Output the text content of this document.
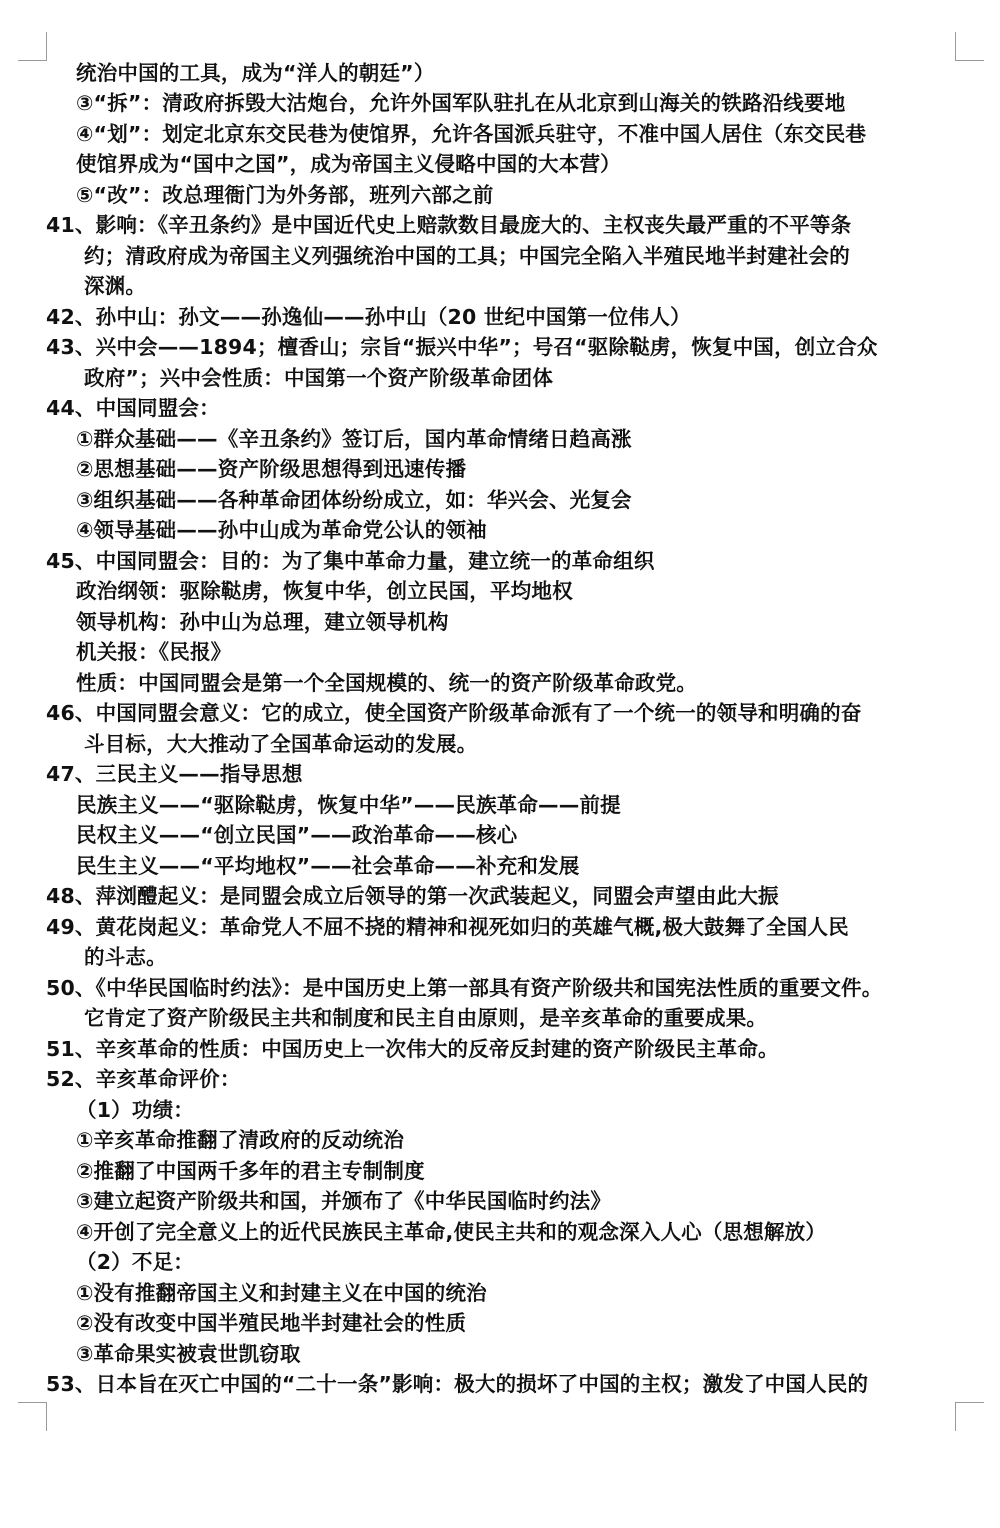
统治中国的工具，成为“洋人的朝廷”）
③“拆”：清政府拆毁大沽炮台，允许外国军队驻扎在从北京到山海关的铁路沿线要地
④“划”：划定北京东交民巷为使馆界，允许各国派兵驻守，不准中国人居住（东交民巷
使馆界成为“国中之国”，成为帝国主义侵略中国的大本营）
⑤“改”：改总理衙门为外务部，班列六部之前
41、影响：《辛丑条约》是中国近代史上赔款数目最庞大的、主权丧失最严重的不平等条
约；清政府成为帝国主义列强统治中国的工具；中国完全陷入半殖民地半封建社会的
深渊。
42、孙中山：孙文——孙逸仙——孙中山（20 世纪中国第一位伟人）
43、兴中会——1894；檀香山；宗旨“振兴中华”；号召“驱除鞑虏，恢复中国，创立合众
政府”；兴中会性质：中国第一个资产阶级革命团体
44、中国同盟会：
①群众基础——《辛丑条约》签订后，国内革命情绪日趋高涨
②思想基础——资产阶级思想得到迅速传播
③组织基础——各种革命团体纷纷成立，如：华兴会、光复会
④领导基础——孙中山成为革命党公认的领袖
45、中国同盟会：目的：为了集中革命力量，建立统一的革命组织
政治纲领：驱除鞑虏，恢复中华，创立民国，平均地权
领导机构：孙中山为总理，建立领导机构
机关报：《民报》
性质：中国同盟会是第一个全国规模的、统一的资产阶级革命政党。
46、中国同盟会意义：它的成立，使全国资产阶级革命派有了一个统一的领导和明确的奋
斗目标，大大推动了全国革命运动的发展。
47、三民主义——指导思想
民族主义——“驱除鞑虏，恢复中华”——民族革命——前提
民权主义——“创立民国”——政治革命——核心
民生主义——“平均地权”——社会革命——补充和发展
48、萍浏醴起义：是同盟会成立后领导的第一次武装起义，同盟会声望由此大振
49、黄花岗起义：革命党人不屈不挠的精神和视死如归的英雄气概,极大鼓舞了全国人民
的斗志。
50、《中华民国临时约法》：是中国历史上第一部具有资产阶级共和国宪法性质的重要文件。
它肯定了资产阶级民主共和制度和民主自由原则，是辛亥革命的重要成果。
51、辛亥革命的性质：中国历史上一次伟大的反帝反封建的资产阶级民主革命。
52、辛亥革命评价：
（1）功绩：
①辛亥革命推翻了清政府的反动统治
②推翻了中国两千多年的君主专制制度
③建立起资产阶级共和国，并颁布了《中华民国临时约法》
④开创了完全意义上的近代民族民主革命,使民主共和的观念深入人心（思想解放）
（2）不足：
①没有推翻帝国主义和封建主义在中国的统治
②没有改变中国半殖民地半封建社会的性质
③革命果实被袁世凯窃取
53、日本旨在灭亡中国的“二十一条”影响：极大的损坏了中国的主权；激发了中国人民的
